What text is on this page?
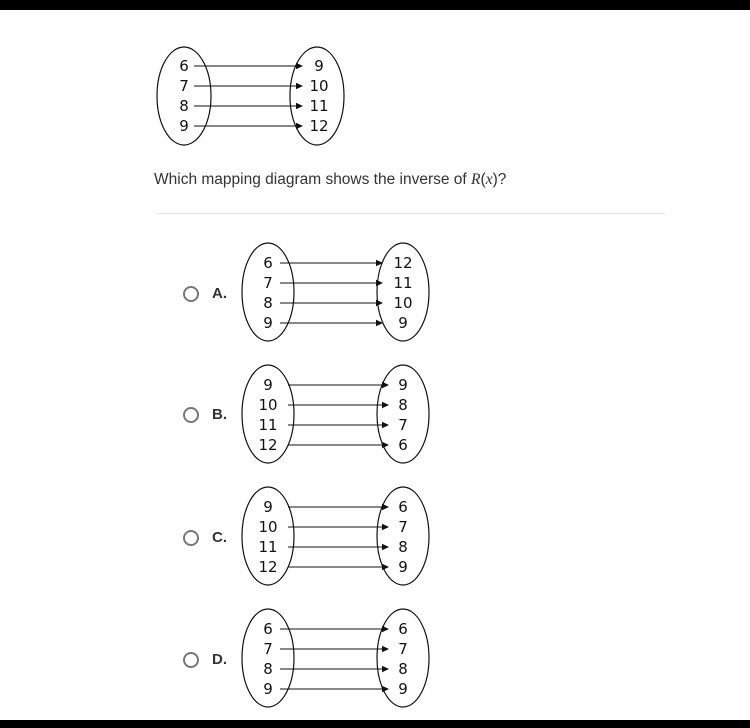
6
7
8
9
9
10
11
12
Which mapping diagram shows the inverse of R(x)?
A.
6
7
8
9
12
11
10
9
B.
9
10
11
12
9
8
7
6
C.
9
10
11
12
6
7
8
9
D.
6
7
8
9
6
7
8
9
